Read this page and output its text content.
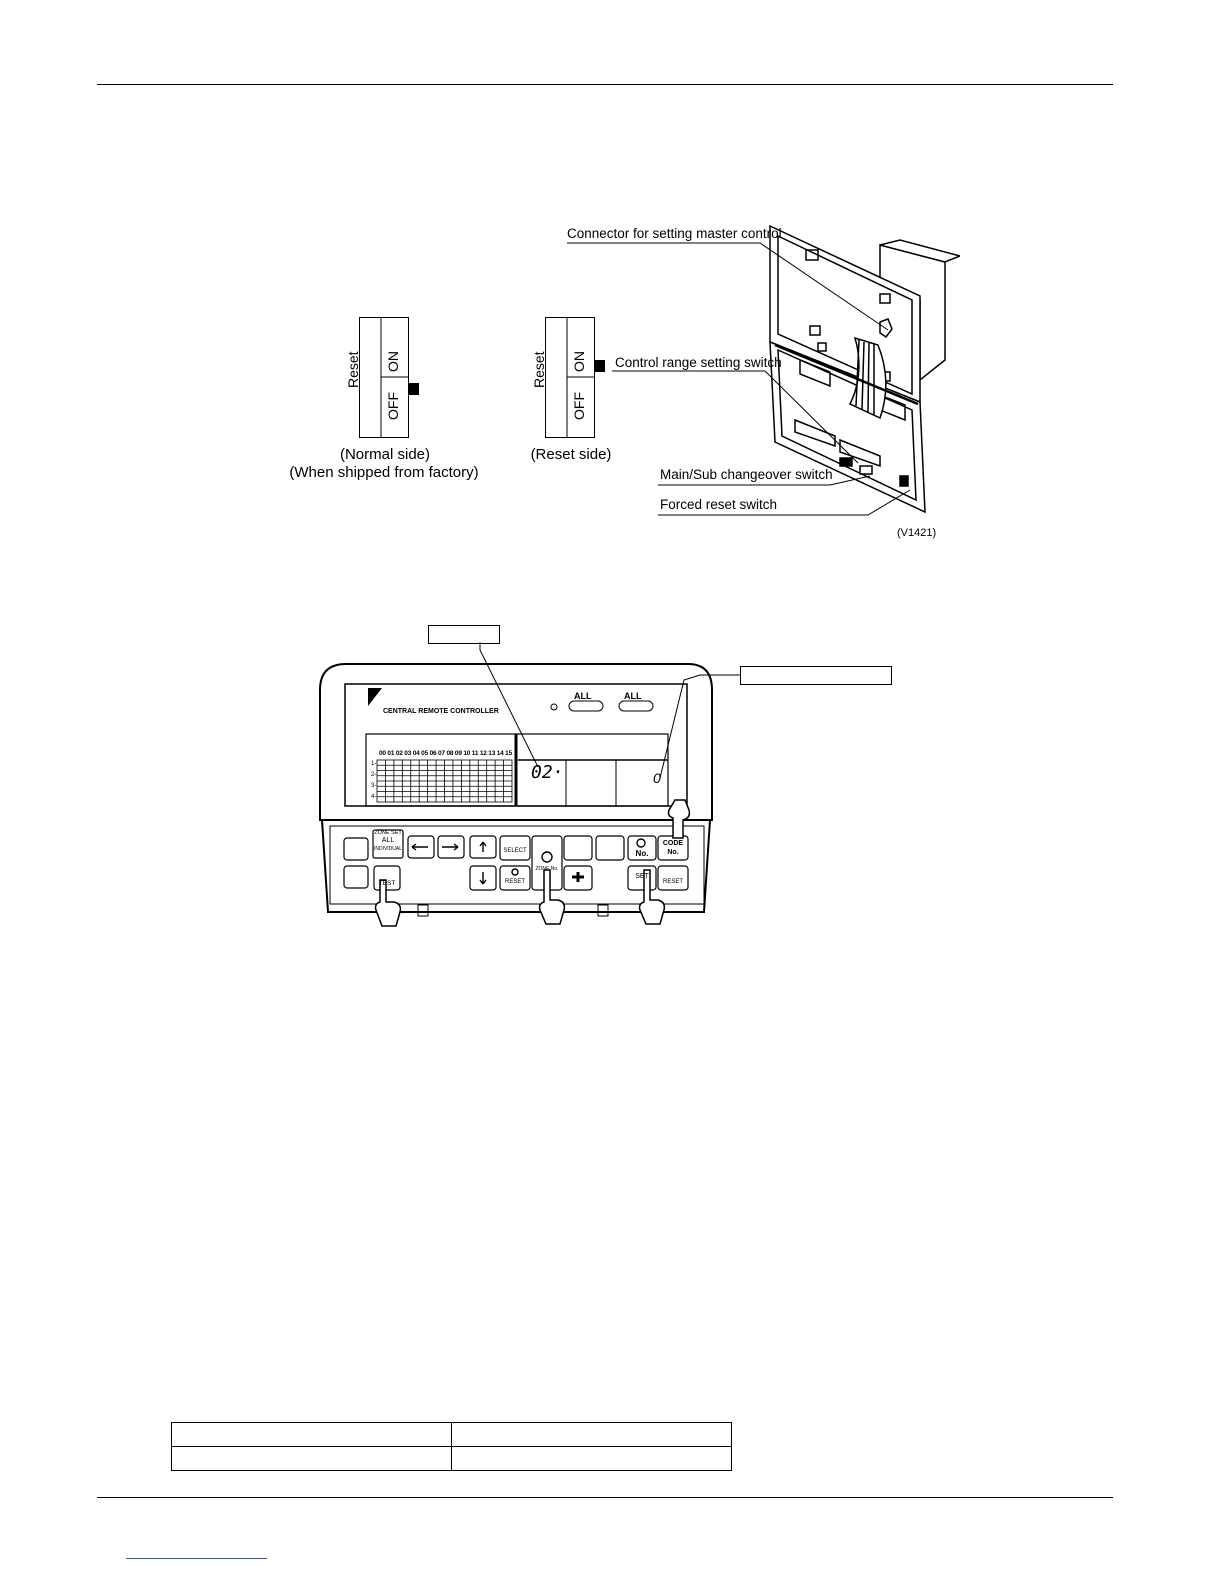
Reset ON
OFF
Reset ON
OFF
(Normal side)
(When shipped from factory)
(Reset side)
Connector for setting master control
Control range setting switch
Main/Sub changeover switch
Forced reset switch
(V1421)
CENTRAL REMOTE CONTROLLER
ALL	ALL
00 01 02 03 04 05 06 07 08 09 10 11 12 13 14 15
1-
2-
3-
4-
02·	0
ZONE SET
ALL
INDIVIDUAL	SELECT
RESET
ZONE No.
No.
CODE
No.
TEST
SET
RESET
